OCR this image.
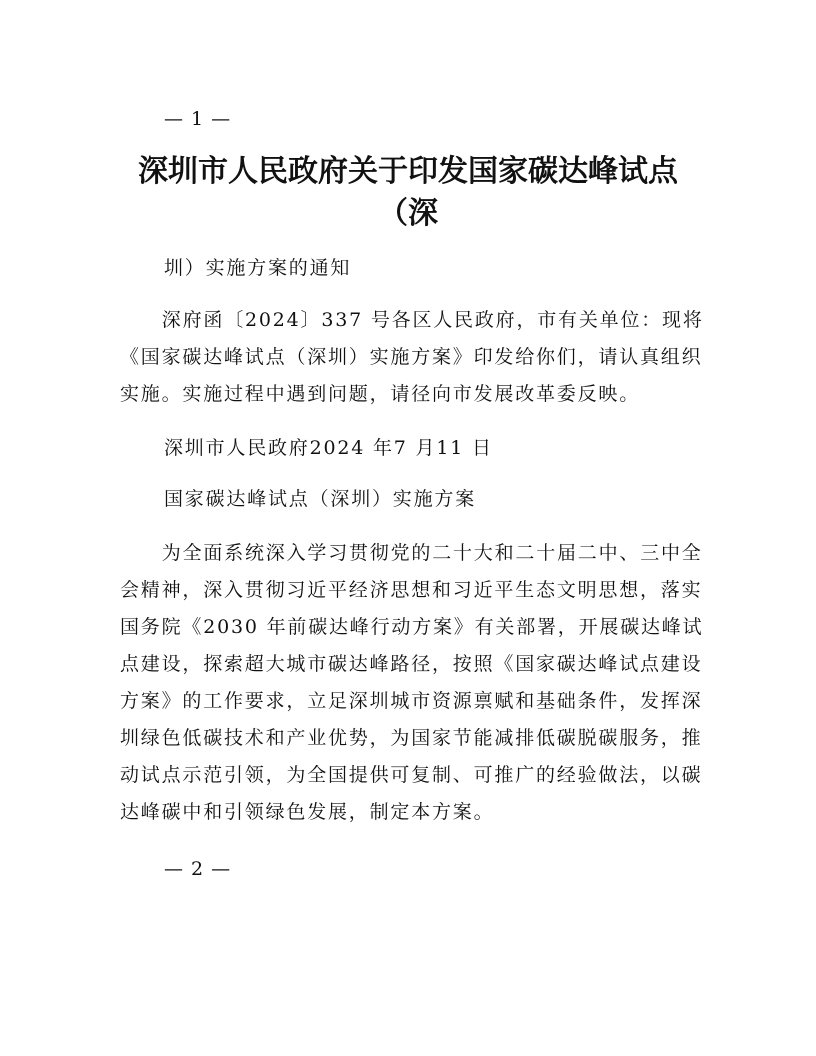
— 1 —
深圳市人民政府关于印发国家碳达峰试点
（深
圳）实施方案的通知

深府函〔2024〕337 号各区人民政府，市有关单位：现将《国家碳达峰试点（深圳）实施方案》印发给你们，请认真组织实施。实施过程中遇到问题，请径向市发展改革委反映。

深圳市人民政府2024 年7 月11 日
国家碳达峰试点（深圳）实施方案

为全面系统深入学习贯彻党的二十大和二十届二中、三中全会精神，深入贯彻习近平经济思想和习近平生态文明思想，落实国务院《2030 年前碳达峰行动方案》有关部署，开展碳达峰试点建设，探索超大城市碳达峰路径，按照《国家碳达峰试点建设方案》的工作要求，立足深圳城市资源禀赋和基础条件，发挥深圳绿色低碳技术和产业优势，为国家节能减排低碳脱碳服务，推动试点示范引领，为全国提供可复制、可推广的经验做法，以碳达峰碳中和引领绿色发展，制定本方案。

— 2 —
